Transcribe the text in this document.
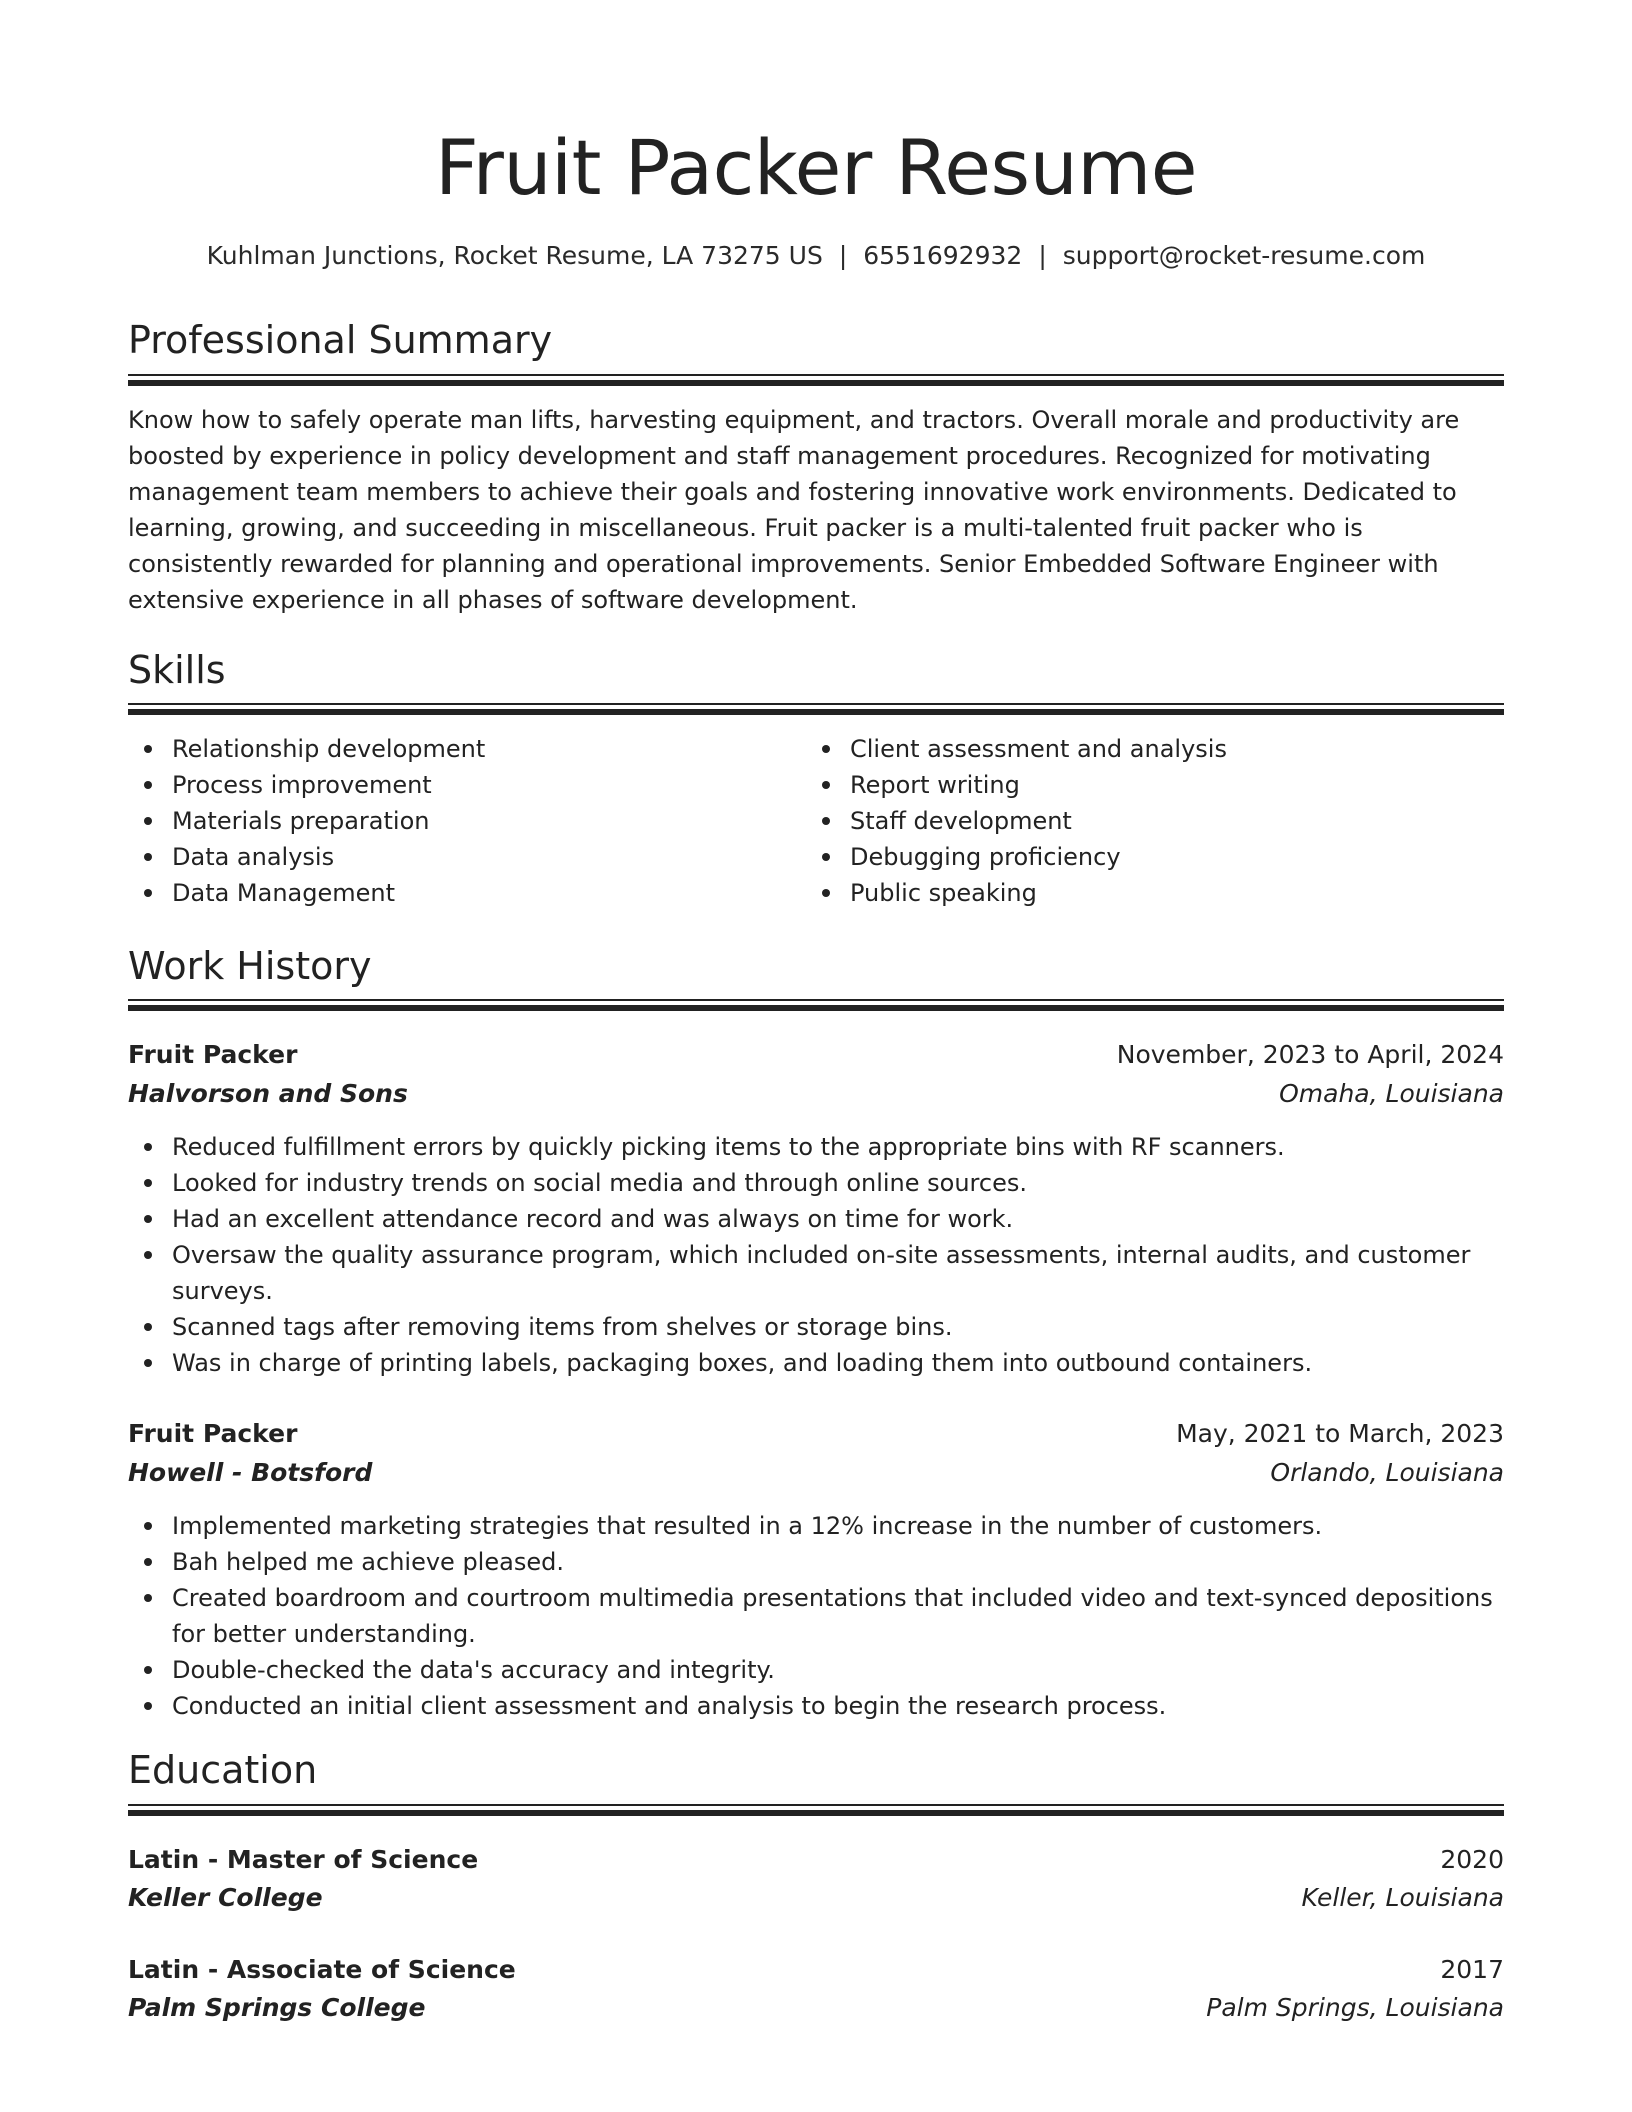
Fruit Packer Resume
Kuhlman Junctions, Rocket Resume, LA 73275 US | 6551692932 | support@rocket-resume.com
Professional Summary

Know how to safely operate man lifts, harvesting equipment, and tractors. Overall morale and productivity are boosted by experience in policy development and staff management procedures. Recognized for motivating management team members to achieve their goals and fostering innovative work environments. Dedicated to learning, growing, and succeeding in miscellaneous. Fruit packer is a multi-talented fruit packer who is consistently rewarded for planning and operational improvements. Senior Embedded Software Engineer with extensive experience in all phases of software development.

Skills
Relationship development
Process improvement
Materials preparation
Data analysis
Data Management
Client assessment and analysis
Report writing
Staff development
Debugging proficiency
Public speaking
Work History
Fruit Packer	November, 2023 to April, 2024
Halvorson and Sons	Omaha, Louisiana
Reduced fulfillment errors by quickly picking items to the appropriate bins with RF scanners.
Looked for industry trends on social media and through online sources.
Had an excellent attendance record and was always on time for work.
Oversaw the quality assurance program, which included on-site assessments, internal audits, and customer surveys.
Scanned tags after removing items from shelves or storage bins.
Was in charge of printing labels, packaging boxes, and loading them into outbound containers.
Fruit Packer	May, 2021 to March, 2023
Howell - Botsford	Orlando, Louisiana
Implemented marketing strategies that resulted in a 12% increase in the number of customers.
Bah helped me achieve pleased.
Created boardroom and courtroom multimedia presentations that included video and text-synced depositions for better understanding.
Double-checked the data's accuracy and integrity.
Conducted an initial client assessment and analysis to begin the research process.
Education
Latin - Master of Science	2020
Keller College	Keller, Louisiana
Latin - Associate of Science	2017
Palm Springs College	Palm Springs, Louisiana
